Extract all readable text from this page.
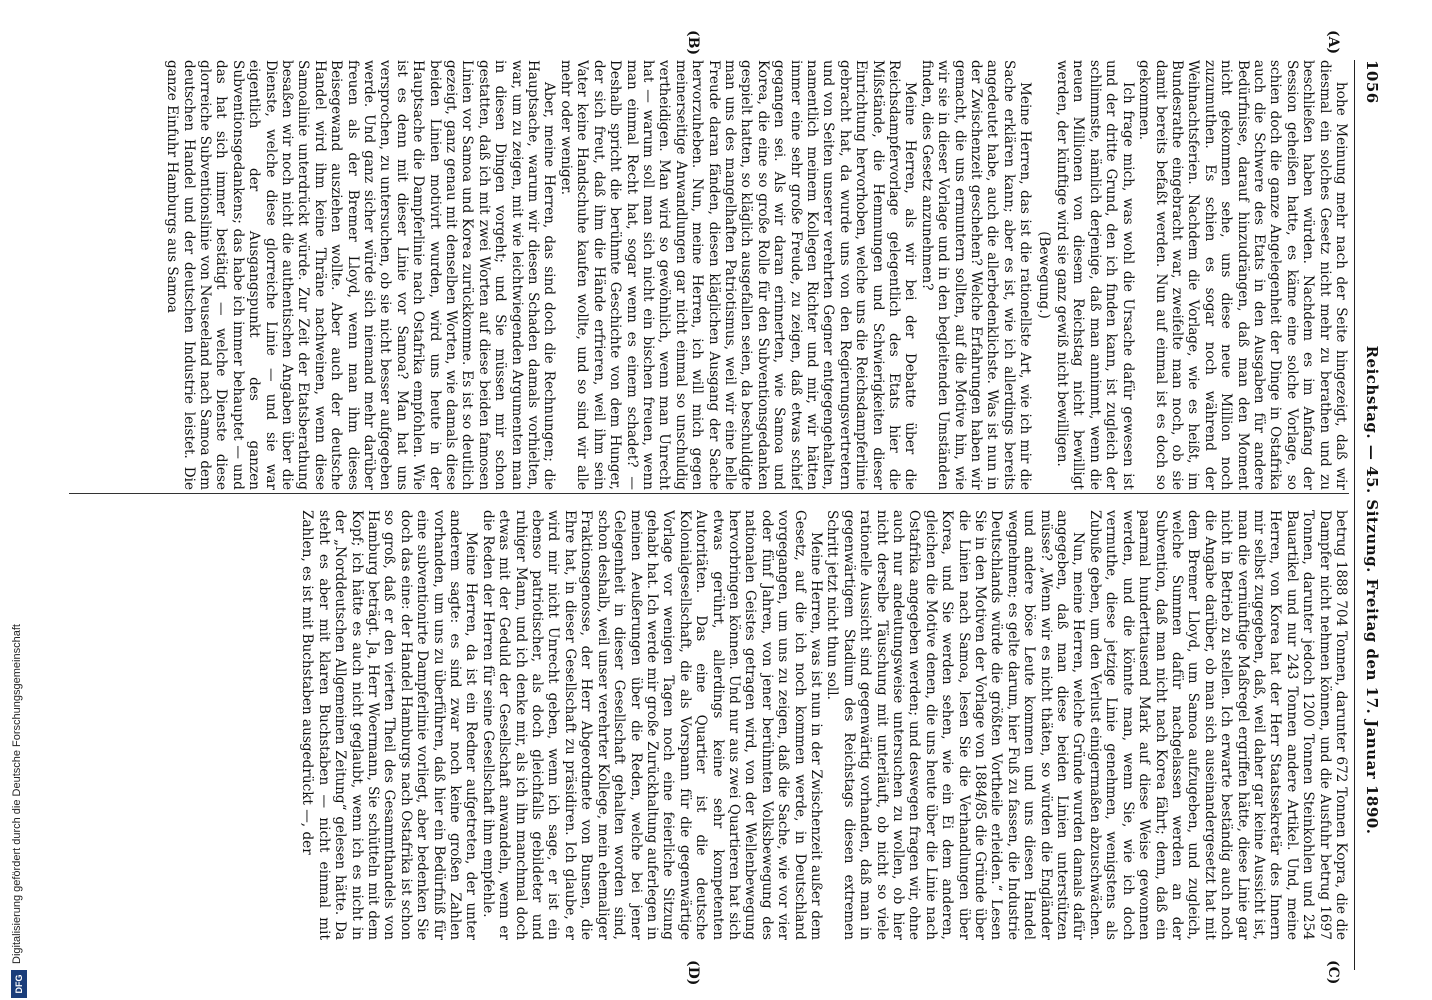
1056
Reichstag. — 45. Sitzung. Freitag den 17. Januar 1890.
(A)
(B)
(C)
(D)

hohe Meinung mehr nach der Seite hingezeigt, daß wir diesmal ein solches Gesetz nicht mehr zu berathen und zu beschließen haben würden. Nachdem es im Anfang der Session geheißen hatte, es käme eine solche Vorlage, so schien doch die ganze Angelegenheit der Dinge in Ostafrika auch die Schwere des Etats in den Ausgaben für andere Bedürfnisse, darauf hinzudrängen, daß man den Moment nicht gekommen sehe, uns diese neue Million noch zuzumuthen. Es schien es sogar noch während der Weihnachtsferien. Nachdem die Vorlage, wie es heißt, im Bundesrathe eingebracht war, zweifelte man noch, ob sie damit bereits befaßt werden. Nun auf einmal ist es doch so gekommen.

Ich frage mich, was wohl die Ursache dafür gewesen ist und der dritte Grund, den ich finden kann, ist zugleich der schlimmste, nämlich derjenige, daß man annimmt, wenn die neuen Millionen von diesem Reichstag nicht bewilligt werden, der künftige wird sie ganz gewiß nicht bewilligen.

(Bewegung.)

Meine Herren, das ist die rationellste Art, wie ich mir die Sache erklären kann; aber es ist, wie ich allerdings bereits angedeutet habe, auch die allerbedenklichste. Was ist nun in der Zwischenzeit geschehen? Welche Erfahrungen haben wir gemacht, die uns ermuntern sollten, auf die Motive hin, wie wir sie in dieser Vorlage und in den begleitenden Umständen finden, dies Gesetz anzunehmen?

Meine Herren, als wir bei der Debatte über die Reichsdampfervorlage gelegentlich des Etats hier die Mißstände, die Hemmungen und Schwierigkeiten dieser Einrichtung hervorhoben, welche uns die Reichsdampferlinie gebracht hat, da wurde uns von den Regierungsvertretern und von Seiten unserer verehrten Gegner entgegengehalten, namentlich meinem Kollegen Richter und mir, wir hätten immer eine sehr große Freude, zu zeigen, daß etwas schief gegangen sei. Als wir daran erinnerten, wie Samoa und Korea, die eine so große Rolle für den Subventionsgedanken gespielt hatten, so kläglich ausgefallen seien, da beschuldigte man uns des mangelhaften Patriotismus, weil wir eine helle Freude daran fänden, diesen kläglichen Ausgang der Sache hervorzuheben. Nun, meine Herren, ich will mich gegen meinerseitige Anwandlungen gar nicht einmal so unschuldig vertheidigen. Man wird so gewöhnlich, wenn man Unrecht hat — warum soll man sich nicht ein bischen freuen, wenn man einmal Recht hat, sogar wenn es einem schadet? — Deshalb spricht die berühmte Geschichte von dem Hunger, der sich freut, daß ihm die Hände erfrieren, weil ihm sein Vater keine Handschuhe kaufen wollte, und so sind wir alle mehr oder weniger.

Aber, meine Herren, das sind doch die Rechnungen; die Hauptsache, warum wir diesen Schaden damals vorhielten, war, um zu zeigen, mit wie leichtwiegenden Argumenten man in diesen Dingen vorgeht; und Sie müssen mir schon gestatten, daß ich mit zwei Worten auf diese beiden famosen Linien vor Samoa und Korea zurückkomme. Es ist so deutlich gezeigt, ganz genau mit denselben Worten, wie damals diese beiden Linien motivirt wurden, wird uns heute in der Hauptsache die Dampferlinie nach Ostafrika empfohlen. Wie ist es denn mit dieser Linie vor Samoa? Man hat uns versprochen, zu untersuchen, ob sie nicht besser aufgegeben werde. Und ganz sicher würde sich niemand mehr darüber freuen als der Bremer Lloyd, wenn man ihm dieses Beisegewand ausziehen wollte. Aber auch der deutsche Handel wird ihm keine Thräne nachweinen, wenn diese Samoalinie unterdrückt würde. Zur Zeit der Etatsberathung besaßen wir noch nicht die authentischen Angaben über die Dienste, welche diese glorreiche Linie — und sie war eigentlich der Ausgangspunkt des ganzen Subventionsgedankens; das habe ich immer behauptet — und das hat sich immer bestätigt — welche Dienste diese glorreiche Subventionslinie von Neuseeland nach Samoa dem deutschen Handel und der deutschen Industrie leistet. Die ganze Einfuhr Hamburgs aus Samoa

betrug 1888 704 Tonnen, darunter 672 Tonnen Kopra, die die Dampfer nicht nehmen können, und die Ausfuhr betrug 1697 Tonnen, darunter jedoch 1200 Tonnen Steinkohlen und 254 Bauartikel und nur 243 Tonnen andere Artikel. Und, meine Herren, von Korea hat der Herr Staatssekretär des Innern mir selbst zugegeben, daß, weil daher gar keine Aussicht ist, man die vernünftige Maßregel ergriffen hätte, diese Linie gar nicht in Betrieb zu stellen. Ich erwarte beständig auch noch die Angabe darüber, ob man sich auseinandergesetzt hat mit dem Bremer Lloyd, um Samoa aufzugeben, und zugleich, welche Summen dafür nachgelassen werden an der Subvention, daß man nicht nach Korea fährt; denn, daß ein paarmal hunderttausend Mark auf diese Weise gewonnen werden, und die könnte man, wenn Sie, wie ich doch vermuthe, diese jetzige Linie genehmen, wenigstens als Zubuße geben, um den Verlust einigermaßen abzuschwächen.

Nun, meine Herren, welche Gründe wurden damals dafür angegeben, daß man diese beiden Linien unterstützen müsse? „Wenn wir es nicht thäten, so würden die Engländer und andere böse Leute kommen und uns diesen Handel wegnehmen; es gelte darum, hier Fuß zu fassen, die Industrie Deutschlands würde die größten Vortheile erleiden.“ Lesen Sie in den Motiven der Vorlage von 1884/85 die Gründe über die Linien nach Samoa, lesen Sie die Verhandlungen über Korea, und Sie werden sehen, wie ein Ei dem anderen, gleichen die Motive denen, die uns heute über die Linie nach Ostafrika angegeben werden; und deswegen fragen wir, ohne auch nur andeutungsweise untersuchen zu wollen, ob hier nicht derselbe Täuschung mit unterläuft, ob nicht so viele rationelle Aussicht sind gegenwärtig vorhanden, daß man in gegenwärtigem Stadium des Reichstags diesen extremen Schritt jetzt nicht thun soll.

Meine Herren, was ist nun in der Zwischenzeit außer dem Gesetz, auf die ich noch kommen werde, in Deutschland vorgegangen, um uns zu zeigen, daß die Sache, wie vor vier oder fünf Jahren, von jener berühmten Volksbewegung des nationalen Geistes getragen wird, von der Wellenbewegung hervorbringen können. Und nur aus zwei Quartieren hat sich etwas gerührt, allerdings keine sehr kompetenten Autoritäten. Das eine Quartier ist die deutsche Kolonialgesellschaft, die als Vorspann für die gegenwärtige Vorlage vor wenigen Tagen noch eine feierliche Sitzung gehabt hat. Ich werde mir große Zurückhaltung auferlegen in meinen Aeußerungen über die Reden, welche bei jener Gelegenheit in dieser Gesellschaft gehalten worden sind, schon deshalb, weil unser verehrter Kollege, mein ehemaliger Fraktionsgenosse, der Herr Abgeordnete von Bunsen, die Ehre hat, in dieser Gesellschaft zu präsidiren. Ich glaube, er wird mir nicht Unrecht geben, wenn ich sage, er ist ein ebenso patriotischer, als doch gleichfalls gebildeter und ruhiger Mann, und ich denke mir, als ich ihn manchmal doch etwas mit der Geduld der Gesellschaft anwandeln, wenn er die Reden der Herren für seine Gesellschaft ihm empfehle.

Meine Herren, da ist ein Redner aufgetreten, der unter anderem sagte: es sind zwar noch keine großen Zahlen vorhanden, um uns zu überführen, daß hier ein Bedürfniß für eine subventionirte Dampferlinie vorliegt, aber bedenken Sie doch das eine: der Handel Hamburgs nach Ostafrika ist schon so groß, daß er den vierten Theil des Gesammthandels von Hamburg beträgt. Ja, Herr Woermann, Sie schütteln mit dem Kopf; ich hätte es auch nicht geglaubt, wenn ich es nicht in der „Norddeutschen Allgemeinen Zeitung“ gelesen hätte. Da steht es aber mit klaren Buchstaben — nicht einmal mit Zahlen, es ist mit Buchstaben ausgedrückt —, der

DFG
Digitalisierung gefördert durch die Deutsche Forschungsgemeinschaft
